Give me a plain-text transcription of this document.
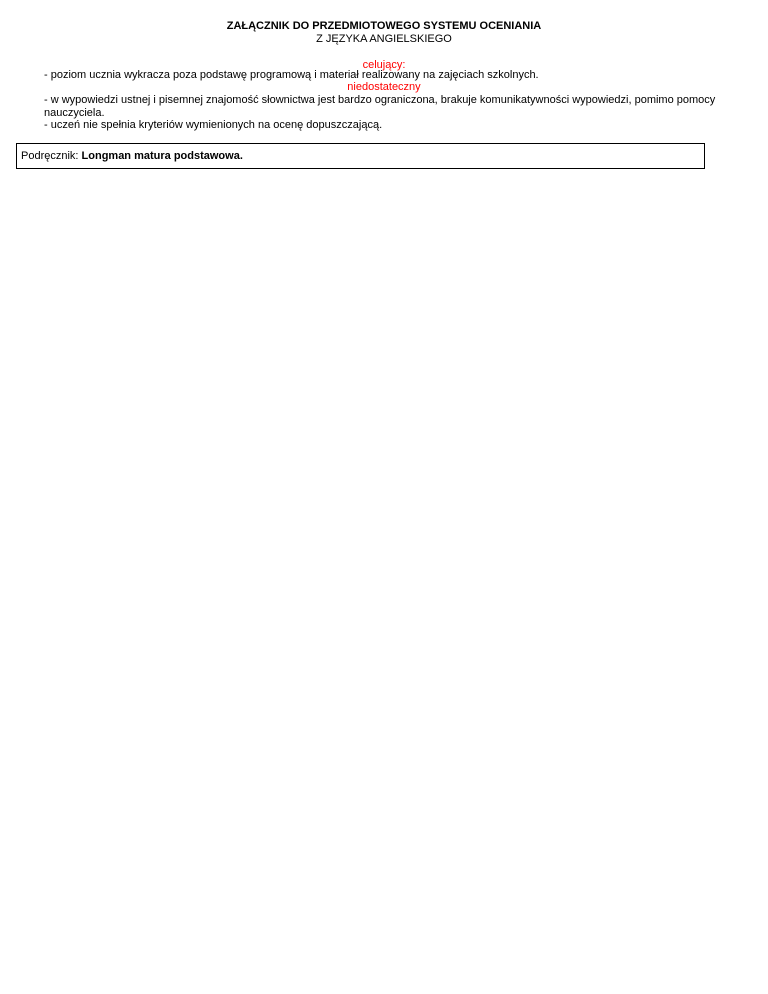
ZAŁĄCZNIK DO PRZEDMIOTOWEGO SYSTEMU OCENIANIA
Z JĘZYKA ANGIELSKIEGO
celujący:
- poziom ucznia wykracza poza podstawę programową i materiał realizowany na zajęciach szkolnych.
niedostateczny
- w wypowiedzi ustnej i pisemnej znajomość słownictwa jest bardzo ograniczona, brakuje komunikatywności wypowiedzi, pomimo pomocy nauczyciela.
- uczeń nie spełnia kryteriów wymienionych na ocenę dopuszczającą.
Podręcznik: Longman matura podstawowa.
